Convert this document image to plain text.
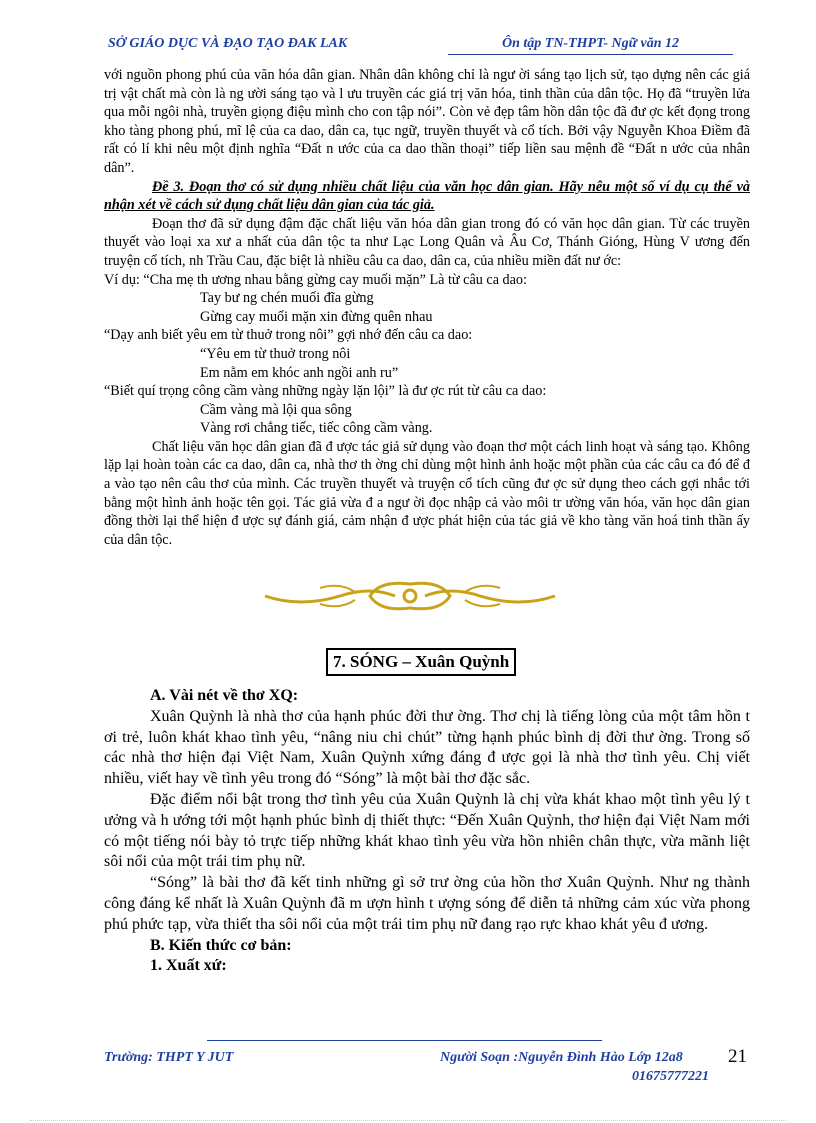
SỞ GIÁO DỤC VÀ ĐẠO TẠO ĐAK LAK	Ôn tập TN-THPT- Ngữ văn 12

với nguồn phong phú của văn hóa dân gian. Nhân dân không chỉ là ngư ời sáng tạo lịch sử, tạo dựng nên các giá trị vật chất mà còn là ng ười sáng tạo và l ưu truyền các giá trị văn hóa, tinh thần của dân tộc. Họ đã “truyền lửa qua mỗi ngôi nhà, truyền giọng điệu mình cho con tập nói”. Còn vẻ đẹp tâm hồn dân tộc đã đư ợc kết đọng trong kho tàng phong phú, mĩ lệ của ca dao, dân ca, tục ngữ, truyền thuyết và cổ tích. Bởi vậy Nguyễn Khoa Điềm đã rất có lí khi nêu một định nghĩa “Đất n ước của ca dao thần thoại” tiếp liền sau mệnh đề “Đất n ước của nhân dân”.

Đề 3. Đoạn thơ có sử dụng nhiều chất liệu của văn học dân gian. Hãy nêu một số ví dụ cụ thể và nhận xét về cách sử dụng chất liệu dân gian của tác giả.

Đoạn thơ đã sử dụng đậm đặc chất liệu văn hóa dân gian trong đó có văn học dân gian. Từ các truyền thuyết vào loại xa xư a nhất của dân tộc ta như Lạc Long Quân và Âu Cơ, Thánh Gióng, Hùng V ương đến truyện cổ tích, nh Trầu Cau, đặc biệt là nhiều câu ca dao, dân ca, của nhiều miền đất nư ớc:

Ví dụ: “Cha mẹ th ương nhau bằng gừng cay muối mặn” Là từ câu ca dao:

Tay bư ng chén muối đĩa gừng

Gừng cay muối mặn xin đừng quên nhau

“Dạy anh biết yêu em từ thuở trong nôi” gợi nhớ đến câu ca dao:

“Yêu em từ thuở trong nôi

Em nằm em khóc anh ngồi anh ru”

“Biết quí trọng công cầm vàng những ngày lặn lội” là đư ợc rút từ câu ca dao:

Cầm vàng mà lội qua sông

Vàng rơi chẳng tiếc, tiếc công cầm vàng.

Chất liệu văn học dân gian đã đ ược tác giả sử dụng vào đoạn thơ một cách linh hoạt và sáng tạo. Không lặp lại hoàn toàn các ca dao, dân ca, nhà thơ th ờng chỉ dùng một hình ảnh hoặc một phần của các câu ca đó để đ a vào tạo nên câu thơ của mình. Các truyền thuyết và truyện cổ tích cũng đư ợc sử dụng theo cách gợi nhắc tới bằng một hình ảnh hoặc tên gọi. Tác giả vừa đ a ngư ời đọc nhập cả vào môi tr ường văn hóa, văn học dân gian đồng thời lại thể hiện đ ược sự đánh giá, cảm nhận đ ược phát hiện của tác giả về kho tàng văn hoá tinh thần ấy của dân tộc.

7. SÓNG – Xuân Quỳnh

A. Vài nét về thơ XQ:

Xuân Quỳnh là nhà thơ của hạnh phúc đời thư ờng. Thơ chị là tiếng lòng của một tâm hồn t ơi trẻ, luôn khát khao tình yêu, “nâng niu chi chút” từng hạnh phúc bình dị đời thư ờng. Trong số các nhà thơ hiện đại Việt Nam, Xuân Quỳnh xứng đáng đ ược gọi là nhà thơ tình yêu. Chị viết nhiều, viết hay về tình yêu trong đó “Sóng” là một bài thơ đặc sắc.

Đặc điểm nổi bật trong thơ tình yêu của Xuân Quỳnh là chị vừa khát khao một tình yêu lý t ưởng và h ướng tới một hạnh phúc bình dị thiết thực: “Đến Xuân Quỳnh, thơ hiện đại Việt Nam mới có một tiếng nói bày tỏ trực tiếp những khát khao tình yêu vừa hồn nhiên chân thực, vừa mãnh liệt sôi nổi của một trái tim phụ nữ.

“Sóng” là bài thơ đã kết tinh những gì sở trư ờng của hồn thơ Xuân Quỳnh. Như ng thành công đáng kể nhất là Xuân Quỳnh đã m ượn hình t ượng sóng để diễn tả những cảm xúc vừa phong phú phức tạp, vừa thiết tha sôi nổi của một trái tim phụ nữ đang rạo rực khao khát yêu đ ương.

B. Kiến thức cơ bản:

1. Xuất xứ:

Trường: THPT Y JUT	Người Soạn :Nguyễn Đình Hào Lớp 12a8
01675777221
21
